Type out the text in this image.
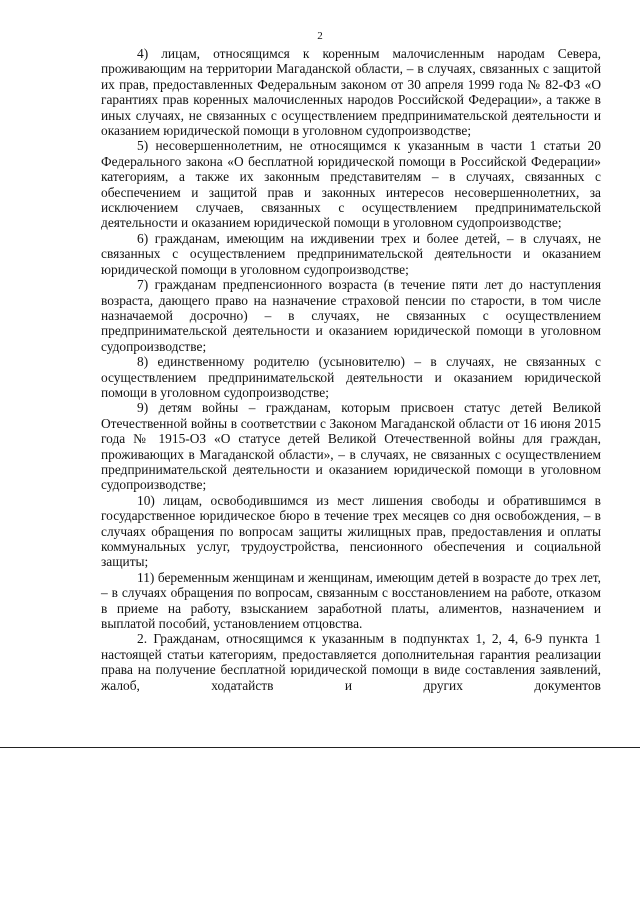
2

4) лицам, относящимся к коренным малочисленным народам Севера, проживающим на территории Магаданской области, – в случаях, связанных с защитой их прав, предоставленных Федеральным законом от 30 апреля 1999 года № 82-ФЗ «О гарантиях прав коренных малочисленных народов Российской Федерации», а также в иных случаях, не связанных с осуществлением предпринимательской деятельности и оказанием юридической помощи в уголовном судопроизводстве;

5) несовершеннолетним, не относящимся к указанным в части 1 статьи 20 Федерального закона «О бесплатной юридической помощи в Российской Федерации» категориям, а также их законным представителям – в случаях, связанных с обеспечением и защитой прав и законных интересов несовершеннолетних, за исключением случаев, связанных с осуществлением предпринимательской деятельности и оказанием юридической помощи в уголовном судопроизводстве;

6) гражданам, имеющим на иждивении трех и более детей, – в случаях, не связанных с осуществлением предпринимательской деятельности и оказанием юридической помощи в уголовном судопроизводстве;

7) гражданам предпенсионного возраста (в течение пяти лет до наступления возраста, дающего право на назначение страховой пенсии по старости, в том числе назначаемой досрочно) – в случаях, не связанных с осуществлением предпринимательской деятельности и оказанием юридической помощи в уголовном судопроизводстве;

8) единственному родителю (усыновителю) – в случаях, не связанных с осуществлением предпринимательской деятельности и оказанием юридической помощи в уголовном судопроизводстве;

9) детям войны – гражданам, которым присвоен статус детей Великой Отечественной войны в соответствии с Законом Магаданской области от 16 июня 2015 года № 1915-ОЗ «О статусе детей Великой Отечественной войны для граждан, проживающих в Магаданской области», – в случаях, не связанных с осуществлением предпринимательской деятельности и оказанием юридической помощи в уголовном судопроизводстве;

10) лицам, освободившимся из мест лишения свободы и обратившимся в государственное юридическое бюро в течение трех месяцев со дня освобождения, – в случаях обращения по вопросам защиты жилищных прав, предоставления и оплаты коммунальных услуг, трудоустройства, пенсионного обеспечения и социальной защиты;

11) беременным женщинам и женщинам, имеющим детей в возрасте до трех лет, – в случаях обращения по вопросам, связанным с восстановлением на работе, отказом в приеме на работу, взысканием заработной платы, алиментов, назначением и выплатой пособий, установлением отцовства.

2. Гражданам, относящимся к указанным в подпунктах 1, 2, 4, 6-9 пункта 1 настоящей статьи категориям, предоставляется дополнительная гарантия реализации права на получение бесплатной юридической помощи в виде составления заявлений, жалоб, ходатайств и других документов
